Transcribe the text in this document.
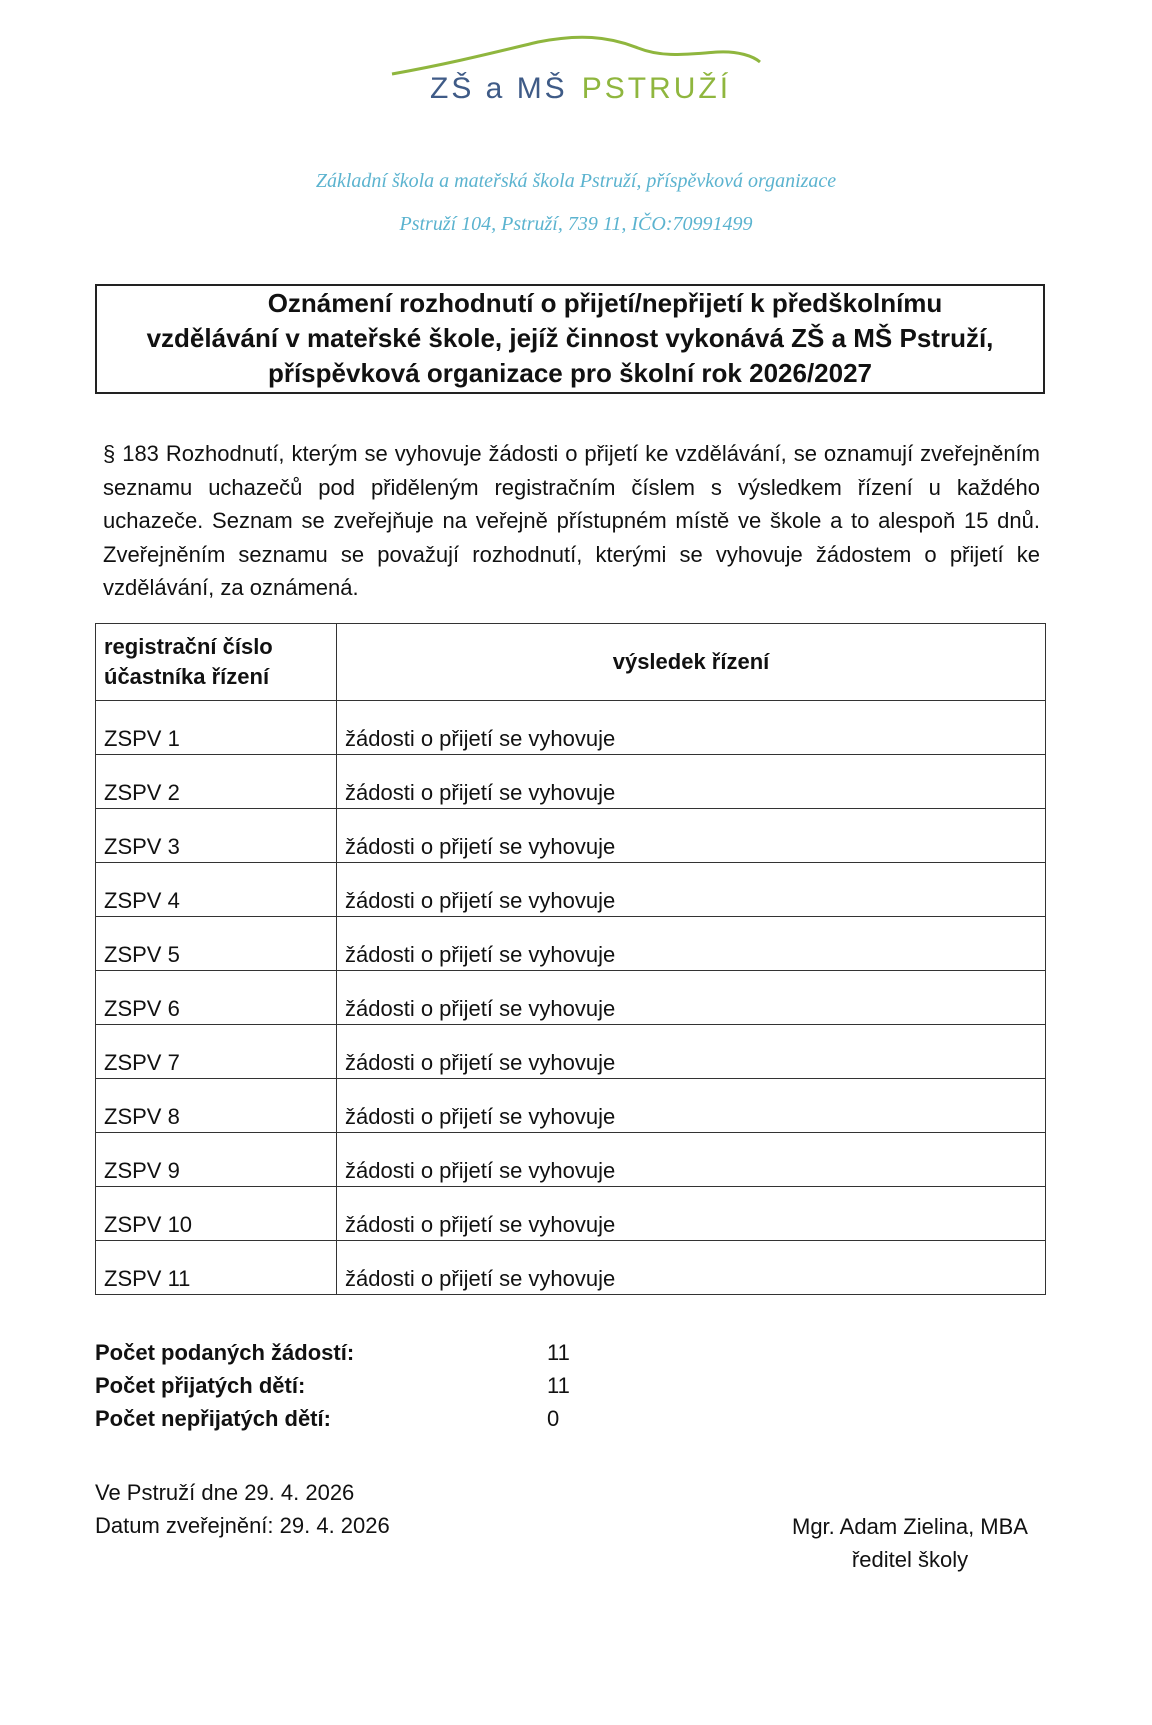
ZŠ a MŠ PSTRUŽÍ
Základní škola a mateřská škola Pstruží, příspěvková organizace
Pstruží 104, Pstruží, 739 11, IČO:70991499
Oznámení rozhodnutí o přijetí/nepřijetí k předškolnímu
vzdělávání v mateřské škole, jejíž činnost vykonává ZŠ a MŠ Pstruží,
příspěvková organizace pro školní rok 2026/2027

§ 183 Rozhodnutí, kterým se vyhovuje žádosti o přijetí ke vzdělávání, se oznamují zveřejněním seznamu uchazečů pod přiděleným registračním číslem s výsledkem řízení u každého uchazeče. Seznam se zveřejňuje na veřejně přístupném místě ve škole a to alespoň 15 dnů. Zveřejněním seznamu se považují rozhodnutí, kterými se vyhovuje žádostem o přijetí ke vzdělávání, za oznámená.

registrační číslo
účastníka řízení	výsledek řízení
ZSPV 1	žádosti o přijetí se vyhovuje
ZSPV 2	žádosti o přijetí se vyhovuje
ZSPV 3	žádosti o přijetí se vyhovuje
ZSPV 4	žádosti o přijetí se vyhovuje
ZSPV 5	žádosti o přijetí se vyhovuje
ZSPV 6	žádosti o přijetí se vyhovuje
ZSPV 7	žádosti o přijetí se vyhovuje
ZSPV 8	žádosti o přijetí se vyhovuje
ZSPV 9	žádosti o přijetí se vyhovuje
ZSPV 10	žádosti o přijetí se vyhovuje
ZSPV 11	žádosti o přijetí se vyhovuje
Počet podaných žádostí:	11
Počet přijatých dětí:	11
Počet nepřijatých dětí:	0
Ve Pstruží dne 29. 4. 2026
Datum zveřejnění: 29. 4. 2026	Mgr. Adam Zielina, MBA
ředitel školy
